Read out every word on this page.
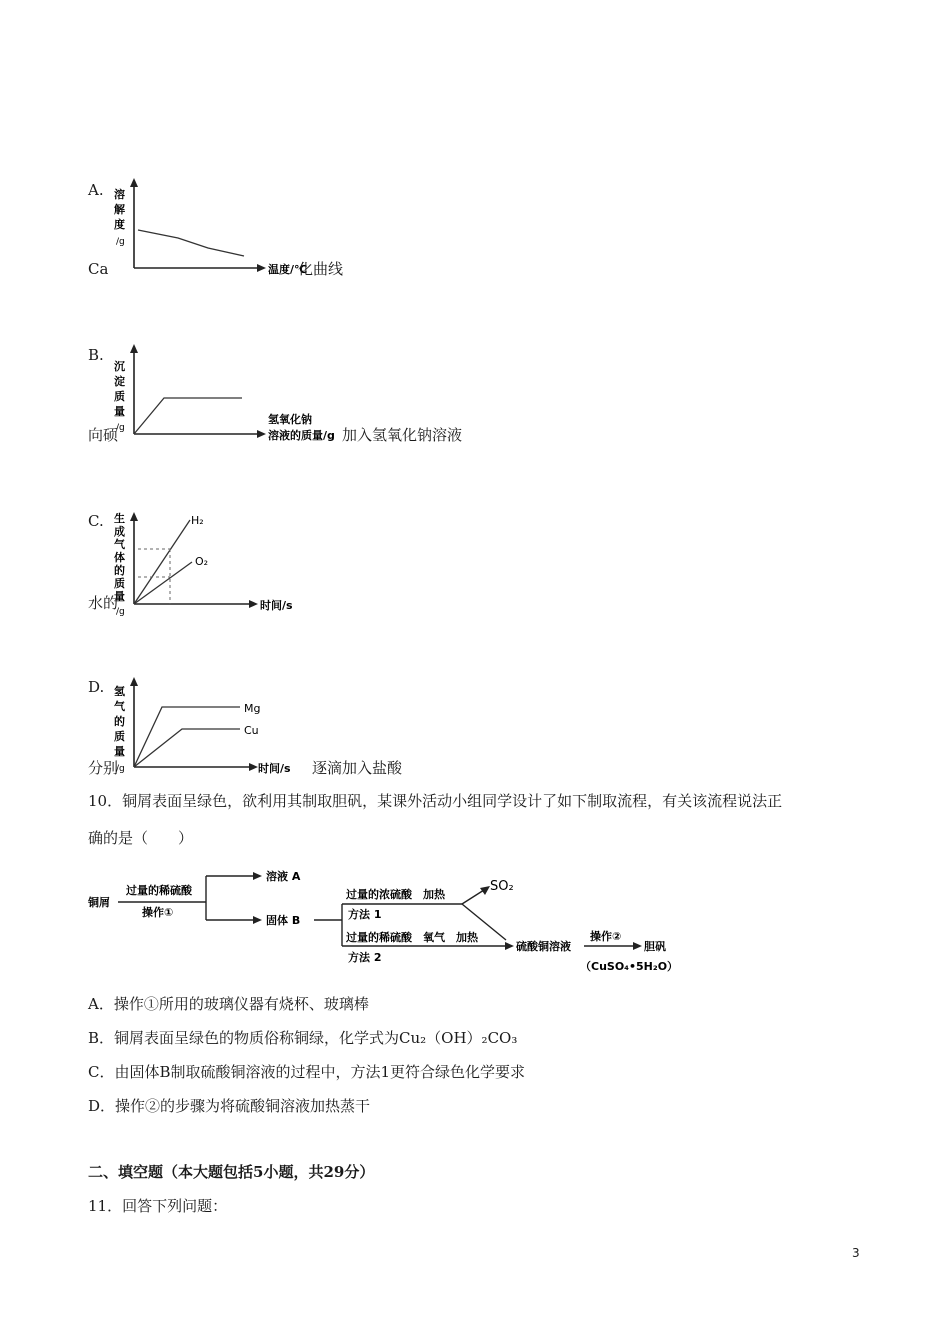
A. 溶
解
度
/g
温度/℃
Ca	化曲线
B.
沉
淀
质
量
/g
氢氧化钠
溶液的质量/g
向硕	加入氢氧化钠溶液
C. 生
成
气
体
的
质
量
/g
H₂
O₂
时间/s
水的
D. 氢
气
的
质
量
/g
Mg
Cu
时间/s
分别	逐滴加入盐酸
10．铜屑表面呈绿色，欲利用其制取胆矾，某课外活动小组同学设计了如下制取流程，有关该流程说法正
确的是（　　）
铜屑
过量的稀硫酸
操作①
溶液 A
固体 B
过量的浓硫酸　加热
方法 1
SO₂
过量的稀硫酸　氧气　加热
方法 2
硫酸铜溶液
操作②
胆矾
（CuSO₄•5H₂O）
A．操作①所用的玻璃仪器有烧杯、玻璃棒
B．铜屑表面呈绿色的物质俗称铜绿，化学式为Cu₂（OH）₂CO₃
C．由固体B制取硫酸铜溶液的过程中，方法1更符合绿色化学要求
D．操作②的步骤为将硫酸铜溶液加热蒸干
二、填空题（本大题包括5小题，共29分）
11．回答下列问题：
3
